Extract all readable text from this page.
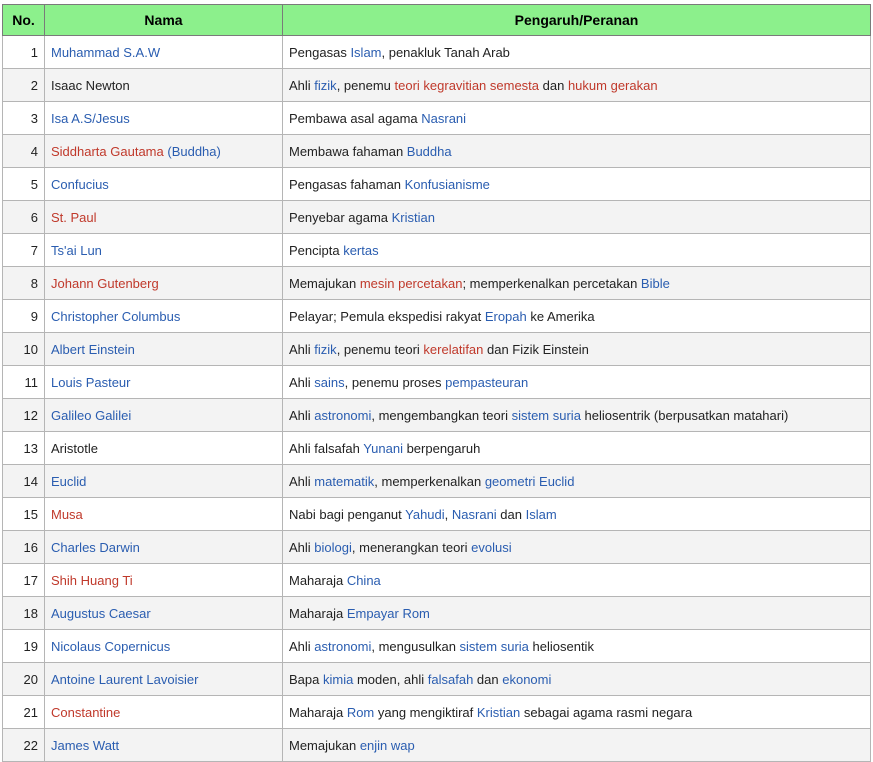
No.	Nama	Pengaruh/Peranan
1	Muhammad S.A.W	Pengasas Islam, penakluk Tanah Arab
2	Isaac Newton	Ahli fizik, penemu teori kegravitian semesta dan hukum gerakan
3	Isa A.S/Jesus	Pembawa asal agama Nasrani
4	Siddharta Gautama (Buddha)	Membawa fahaman Buddha
5	Confucius	Pengasas fahaman Konfusianisme
6	St. Paul	Penyebar agama Kristian
7	Ts'ai Lun	Pencipta kertas
8	Johann Gutenberg	Memajukan mesin percetakan; memperkenalkan percetakan Bible
9	Christopher Columbus	Pelayar; Pemula ekspedisi rakyat Eropah ke Amerika
10	Albert Einstein	Ahli fizik, penemu teori kerelatifan dan Fizik Einstein
11	Louis Pasteur	Ahli sains, penemu proses pempasteuran
12	Galileo Galilei	Ahli astronomi, mengembangkan teori sistem suria heliosentrik (berpusatkan matahari)
13	Aristotle	Ahli falsafah Yunani berpengaruh
14	Euclid	Ahli matematik, memperkenalkan geometri Euclid
15	Musa	Nabi bagi penganut Yahudi, Nasrani dan Islam
16	Charles Darwin	Ahli biologi, menerangkan teori evolusi
17	Shih Huang Ti	Maharaja China
18	Augustus Caesar	Maharaja Empayar Rom
19	Nicolaus Copernicus	Ahli astronomi, mengusulkan sistem suria heliosentik
20	Antoine Laurent Lavoisier	Bapa kimia moden, ahli falsafah dan ekonomi
21	Constantine	Maharaja Rom yang mengiktiraf Kristian sebagai agama rasmi negara
22	James Watt	Memajukan enjin wap
